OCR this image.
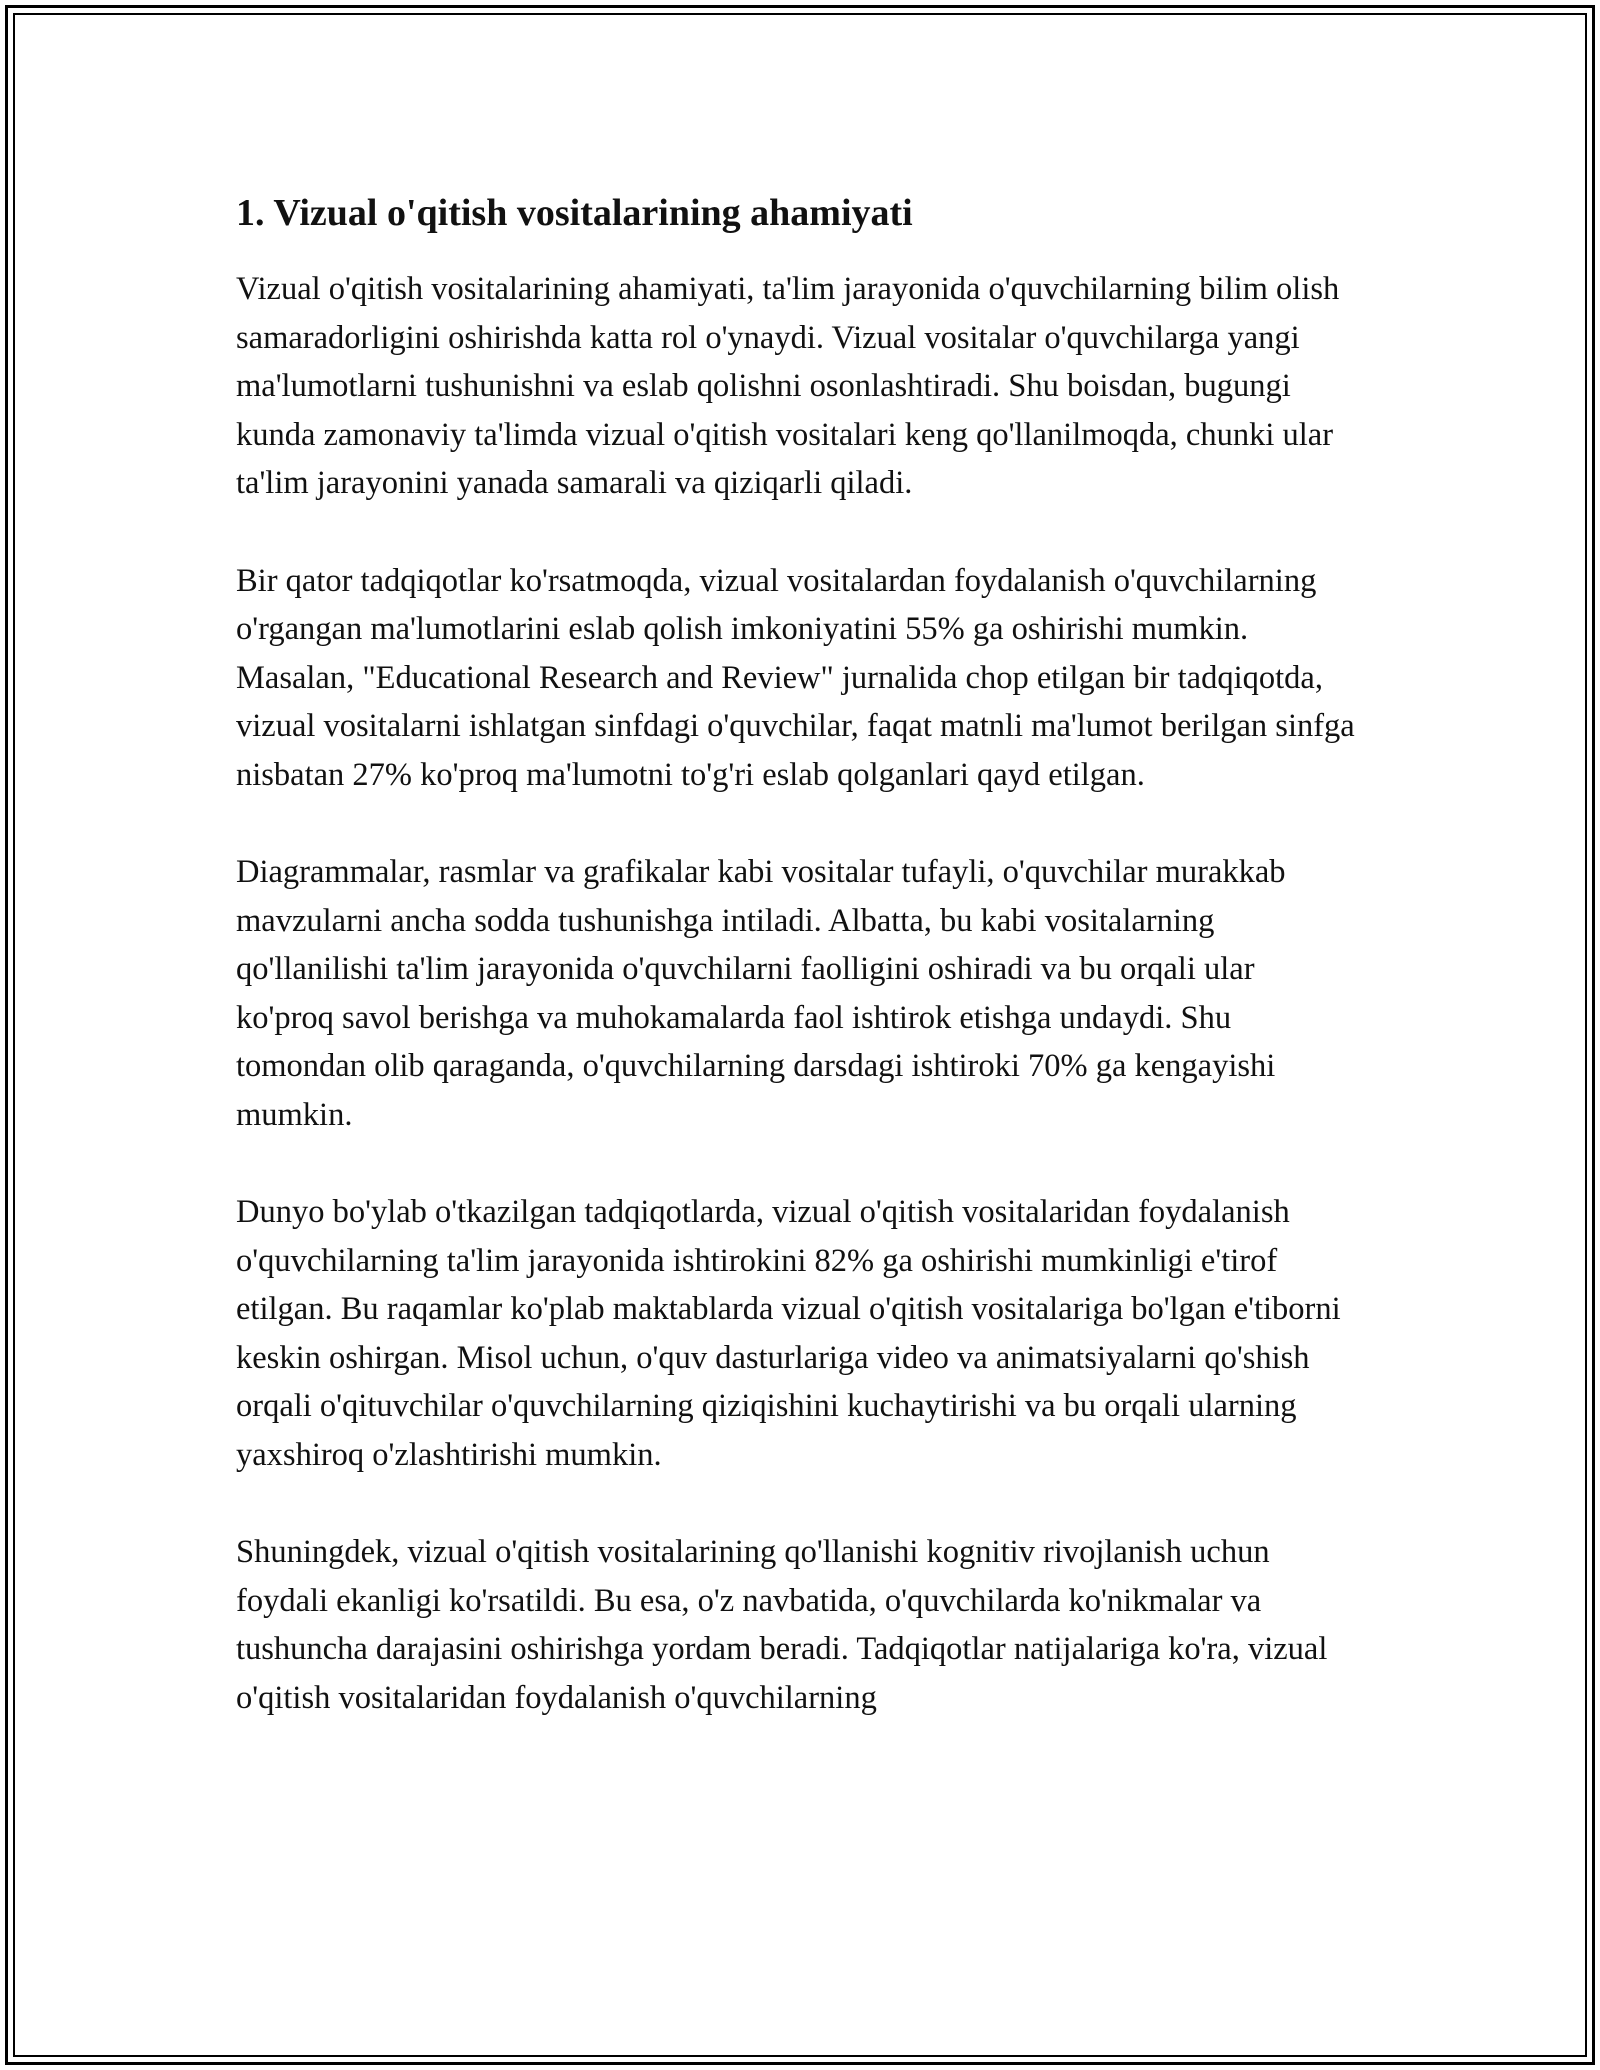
1. Vizual o'qitish vositalarining ahamiyati

Vizual o'qitish vositalarining ahamiyati, ta'lim jarayonida o'quvchilarning bilim olish samaradorligini oshirishda katta rol o'ynaydi. Vizual vositalar o'quvchilarga yangi ma'lumotlarni tushunishni va eslab qolishni osonlashtiradi. Shu boisdan, bugungi kunda zamonaviy ta'limda vizual o'qitish vositalari keng qo'llanilmoqda, chunki ular ta'lim jarayonini yanada samarali va qiziqarli qiladi.

Bir qator tadqiqotlar ko'rsatmoqda, vizual vositalardan foydalanish o'quvchilarning o'rgangan ma'lumotlarini eslab qolish imkoniyatini 55% ga oshirishi mumkin. Masalan, "Educational Research and Review" jurnalida chop etilgan bir tadqiqotda, vizual vositalarni ishlatgan sinfdagi o'quvchilar, faqat matnli ma'lumot berilgan sinfga nisbatan 27% ko'proq ma'lumotni to'g'ri eslab qolganlari qayd etilgan.

Diagrammalar, rasmlar va grafikalar kabi vositalar tufayli, o'quvchilar murakkab mavzularni ancha sodda tushunishga intiladi. Albatta, bu kabi vositalarning qo'llanilishi ta'lim jarayonida o'quvchilarni faolligini oshiradi va bu orqali ular ko'proq savol berishga va muhokamalarda faol ishtirok etishga undaydi. Shu tomondan olib qaraganda, o'quvchilarning darsdagi ishtiroki 70% ga kengayishi mumkin.

Dunyo bo'ylab o'tkazilgan tadqiqotlarda, vizual o'qitish vositalaridan foydalanish o'quvchilarning ta'lim jarayonida ishtirokini 82% ga oshirishi mumkinligi e'tirof etilgan. Bu raqamlar ko'plab maktablarda vizual o'qitish vositalariga bo'lgan e'tiborni keskin oshirgan. Misol uchun, o'quv dasturlariga video va animatsiyalarni qo'shish orqali o'qituvchilar o'quvchilarning qiziqishini kuchaytirishi va bu orqali ularning yaxshiroq o'zlashtirishi mumkin.

Shuningdek, vizual o'qitish vositalarining qo'llanishi kognitiv rivojlanish uchun foydali ekanligi ko'rsatildi. Bu esa, o'z navbatida, o'quvchilarda ko'nikmalar va tushuncha darajasini oshirishga yordam beradi. Tadqiqotlar natijalariga ko'ra, vizual o'qitish vositalaridan foydalanish o'quvchilarning
